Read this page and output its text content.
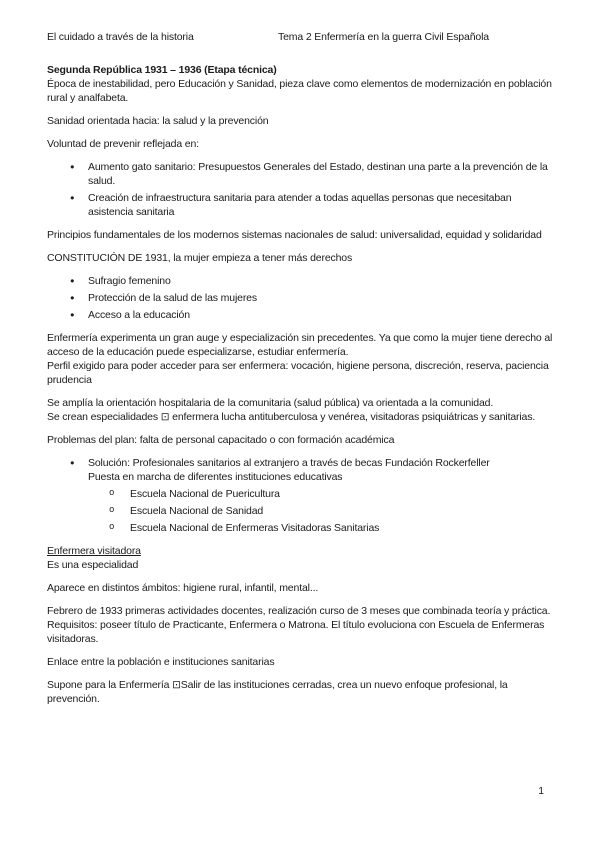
El cuidado a través de la historia	Tema 2 Enfermería en la guerra Civil Española

Segunda República 1931 – 1936 (Etapa técnica)

Época de inestabilidad, pero Educación y Sanidad, pieza clave como elementos de modernización en población rural y analfabeta.

Sanidad orientada hacia: la salud y la prevención

Voluntad de prevenir reflejada en:

● Aumento gato sanitario: Presupuestos Generales del Estado, destinan una parte a la prevención de la salud.
● Creación de infraestructura sanitaria para atender a todas aquellas personas que necesitaban asistencia sanitaria

Principios fundamentales de los modernos sistemas nacionales de salud: universalidad, equidad y solidaridad

CONSTITUCIÓN DE 1931, la mujer empieza a tener más derechos

● Sufragio femenino
● Protección de la salud de las mujeres
● Acceso a la educación

Enfermería experimenta un gran auge y especialización sin precedentes. Ya que como la mujer tiene derecho al acceso de la educación puede especializarse, estudiar enfermería.
Perfil exigido para poder acceder para ser enfermera: vocación, higiene persona, discreción, reserva, paciencia prudencia

Se amplía la orientación hospitalaria de la comunitaria (salud pública) va orientada a la comunidad.
Se crean especialidades ⊡ enfermera lucha antituberculosa y venérea, visitadoras psiquiátricas y sanitarias.

Problemas del plan: falta de personal capacitado o con formación académica

● Solución: Profesionales sanitarios al extranjero a través de becas Fundación Rockerfeller
Puesta en marcha de diferentes instituciones educativas
o Escuela Nacional de Puericultura
o Escuela Nacional de Sanidad
o Escuela Nacional de Enfermeras Visitadoras Sanitarias

Enfermera visitadora

Es una especialidad

Aparece en distintos ámbitos: higiene rural, infantil, mental...

Febrero de 1933 primeras actividades docentes, realización curso de 3 meses que combinada teoría y práctica.
Requisitos: poseer título de Practicante, Enfermera o Matrona. El título evoluciona con Escuela de Enfermeras visitadoras.

Enlace entre la población e instituciones sanitarias

Supone para la Enfermería ⊡Salir de las instituciones cerradas, crea un nuevo enfoque profesional, la prevención.

1
